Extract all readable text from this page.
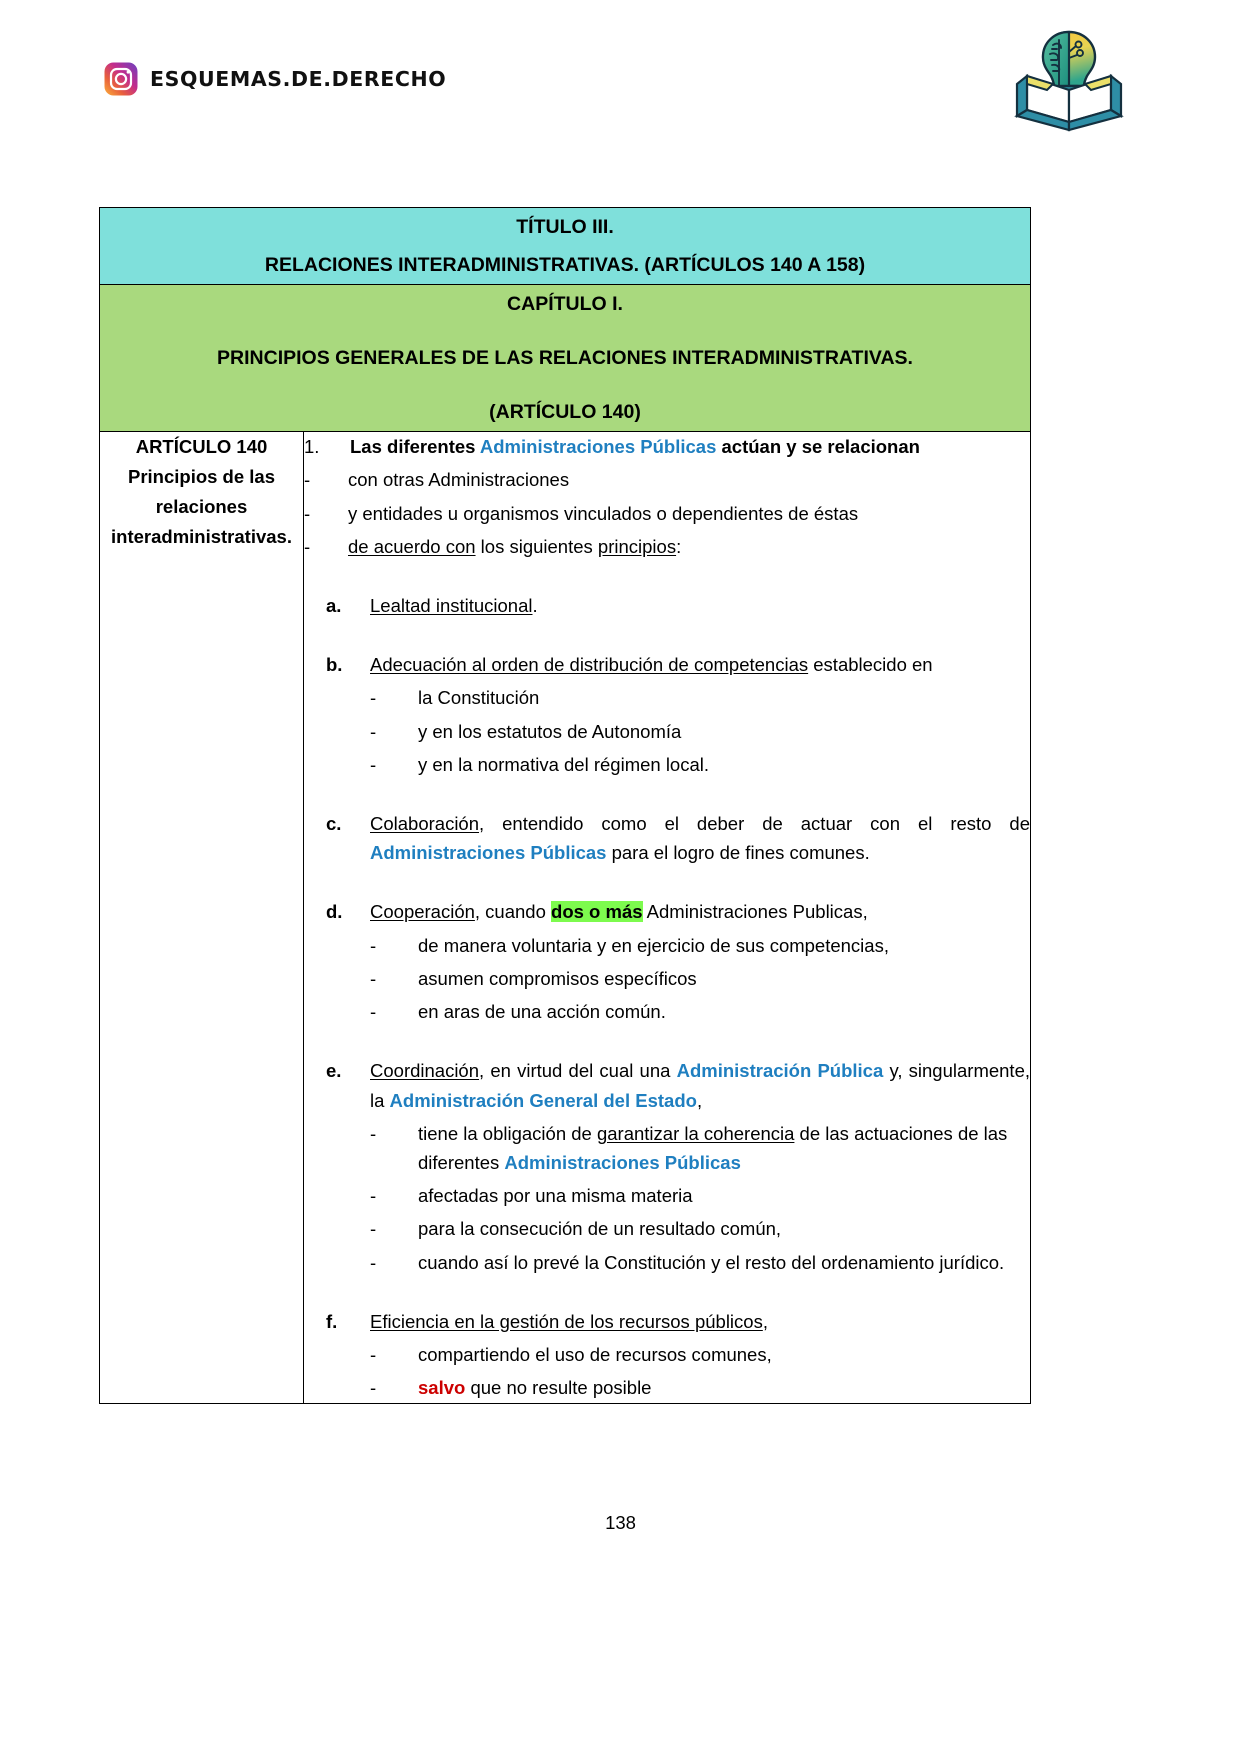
ESQUEMAS.DE.DERECHO
TÍTULO III.
RELACIONES INTERADMINISTRATIVAS. (ARTÍCULOS 140 A 158)

CAPÍTULO I.
PRINCIPIOS GENERALES DE LAS RELACIONES INTERADMINISTRATIVAS.
(ARTÍCULO 140)

ARTÍCULO 140
Principios de las
relaciones
interadministrativas.

1.	Las diferentes Administraciones Públicas actúan y se relacionan
-	con otras Administraciones
-	y entidades u organismos vinculados o dependientes de éstas
-	de acuerdo con los siguientes principios:
a.	Lealtad institucional.
b.	Adecuación al orden de distribución de competencias establecido en
-	la Constitución
-	y en los estatutos de Autonomía
-	y en la normativa del régimen local.
c.	Colaboración, entendido como el deber de actuar con el resto de Administraciones Públicas para el logro de fines comunes.
d.	Cooperación, cuando dos o más Administraciones Publicas,
-	de manera voluntaria y en ejercicio de sus competencias,
-	asumen compromisos específicos
-	en aras de una acción común.
e.	Coordinación, en virtud del cual una Administración Pública y, singularmente, la Administración General del Estado,
-	tiene la obligación de garantizar la coherencia de las actuaciones de las diferentes Administraciones Públicas
-	afectadas por una misma materia
-	para la consecución de un resultado común,
-	cuando así lo prevé la Constitución y el resto del ordenamiento jurídico.
f.	Eficiencia en la gestión de los recursos públicos,
-	compartiendo el uso de recursos comunes,
-	salvo que no resulte posible
138
